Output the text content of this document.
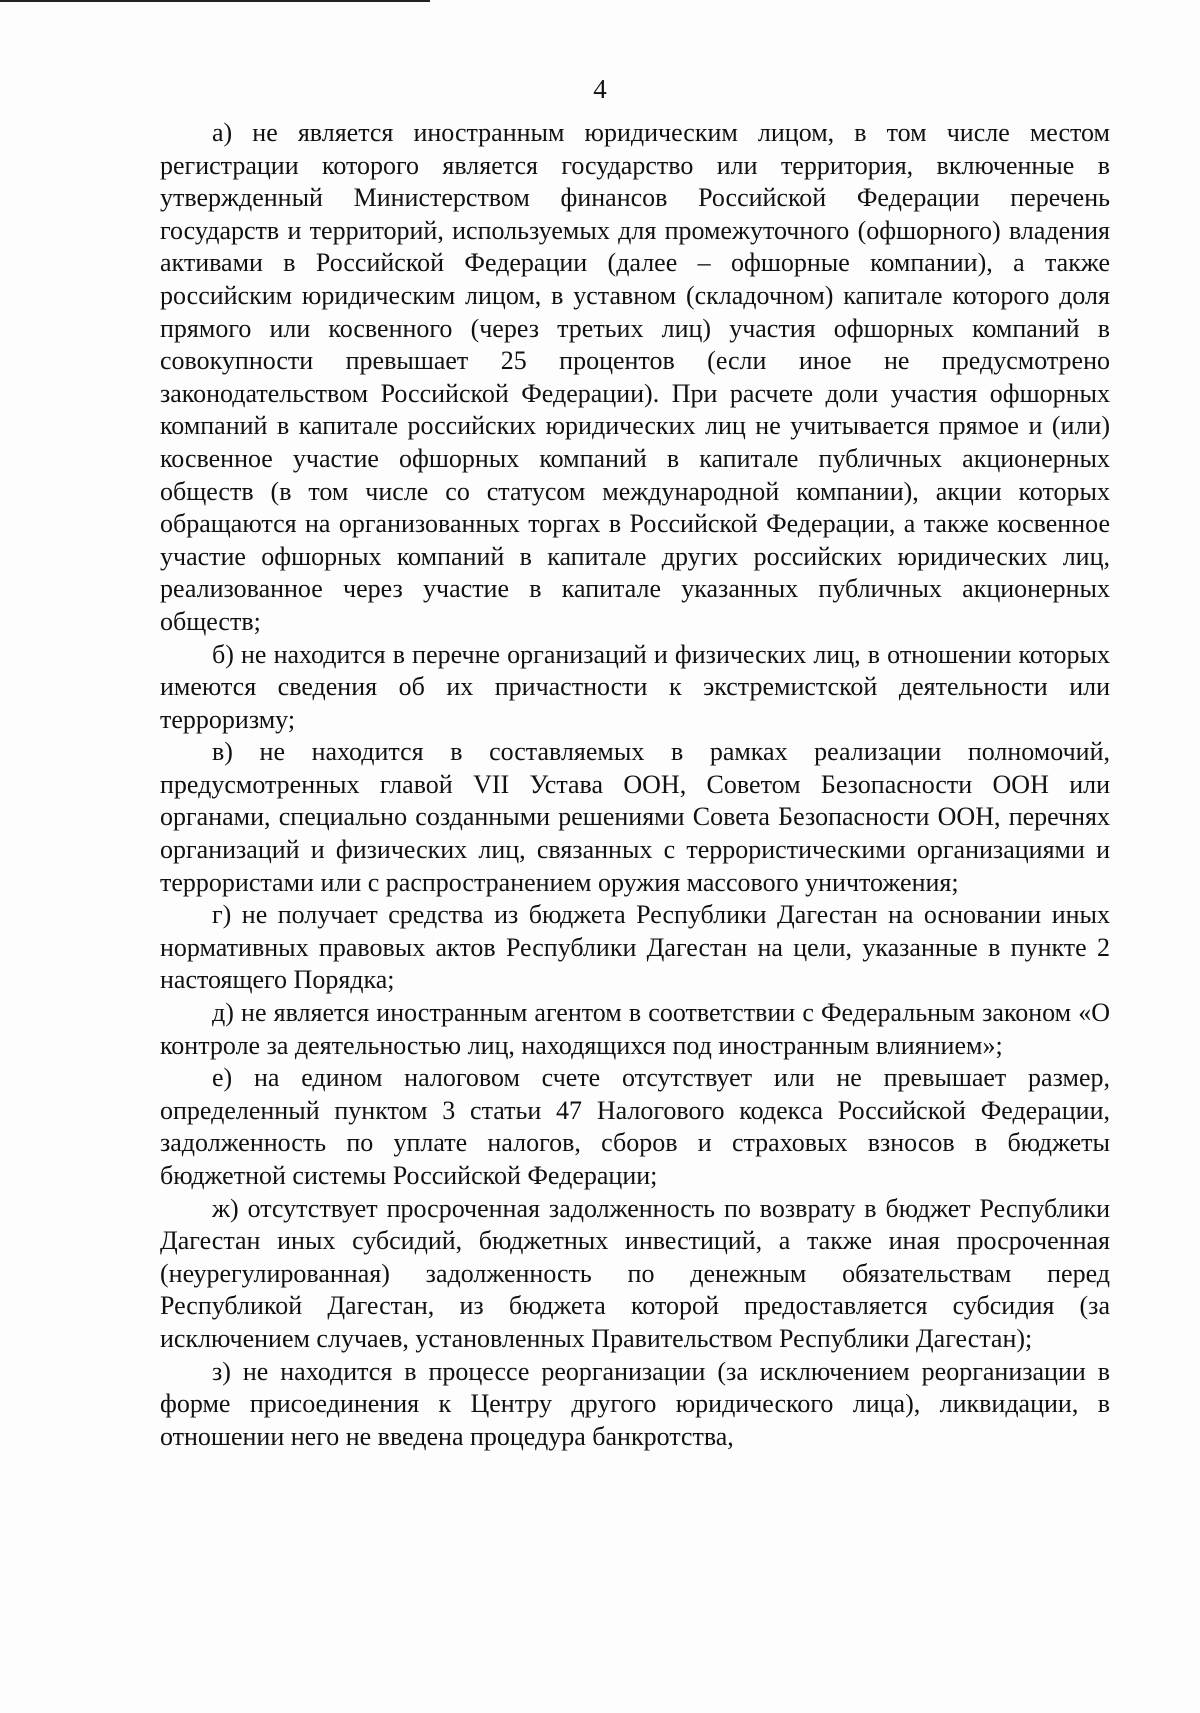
4

а) не является иностранным юридическим лицом, в том числе местом регистрации которого является государство или территория, включенные в утвержденный Министерством финансов Российской Федерации перечень государств и территорий, используемых для промежуточного (офшорного) владения активами в Российской Федерации (далее – офшорные компании), а также российским юридическим лицом, в уставном (складочном) капитале которого доля прямого или косвенного (через третьих лиц) участия офшорных компаний в совокупности превышает 25 процентов (если иное не предусмотрено законодательством Российской Федерации). При расчете доли участия офшорных компаний в капитале российских юридических лиц не учитывается прямое и (или) косвенное участие офшорных компаний в капитале публичных акционерных обществ (в том числе со статусом международной компании), акции которых обращаются на организованных торгах в Российской Федерации, а также косвенное участие офшорных компаний в капитале других российских юридических лиц, реализованное через участие в капитале указанных публичных акционерных обществ;

б) не находится в перечне организаций и физических лиц, в отношении которых имеются сведения об их причастности к экстремистской деятельности или терроризму;

в) не находится в составляемых в рамках реализации полномочий, предусмотренных главой VII Устава ООН, Советом Безопасности ООН или органами, специально созданными решениями Совета Безопасности ООН, перечнях организаций и физических лиц, связанных с террористическими организациями и террористами или с распространением оружия массового уничтожения;

г) не получает средства из бюджета Республики Дагестан на основании иных нормативных правовых актов Республики Дагестан на цели, указанные в пункте 2 настоящего Порядка;

д) не является иностранным агентом в соответствии с Федеральным законом «О контроле за деятельностью лиц, находящихся под иностранным влиянием»;

е) на едином налоговом счете отсутствует или не превышает размер, определенный пунктом 3 статьи 47 Налогового кодекса Российской Федерации, задолженность по уплате налогов, сборов и страховых взносов в бюджеты бюджетной системы Российской Федерации;

ж) отсутствует просроченная задолженность по возврату в бюджет Республики Дагестан иных субсидий, бюджетных инвестиций, а также иная просроченная (неурегулированная) задолженность по денежным обязательствам перед Республикой Дагестан, из бюджета которой предоставляется субсидия (за исключением случаев, установленных Правительством Республики Дагестан);

з) не находится в процессе реорганизации (за исключением реорганизации в форме присоединения к Центру другого юридического лица), ликвидации, в отношении него не введена процедура банкротства,
